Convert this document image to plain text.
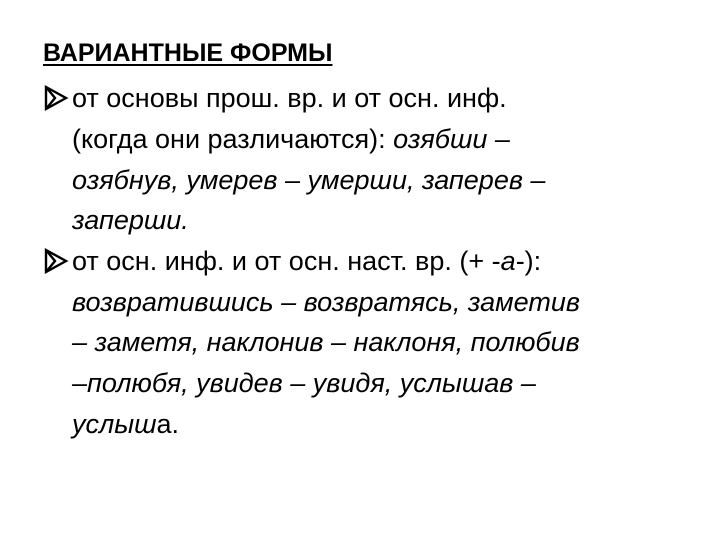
ВАРИАНТНЫЕ ФОРМЫ
от основы прош. вр. и от осн. инф.
(когда они различаются): озябши –
озябнув, умерев – умерши, заперев –
заперши.
от осн. инф. и от осн. наст. вр. (+ -а-):
возвратившись – возвратясь, заметив
– заметя, наклонив – наклоня, полюбив
–полюбя, увидев – увидя, услышав –
услыша.
